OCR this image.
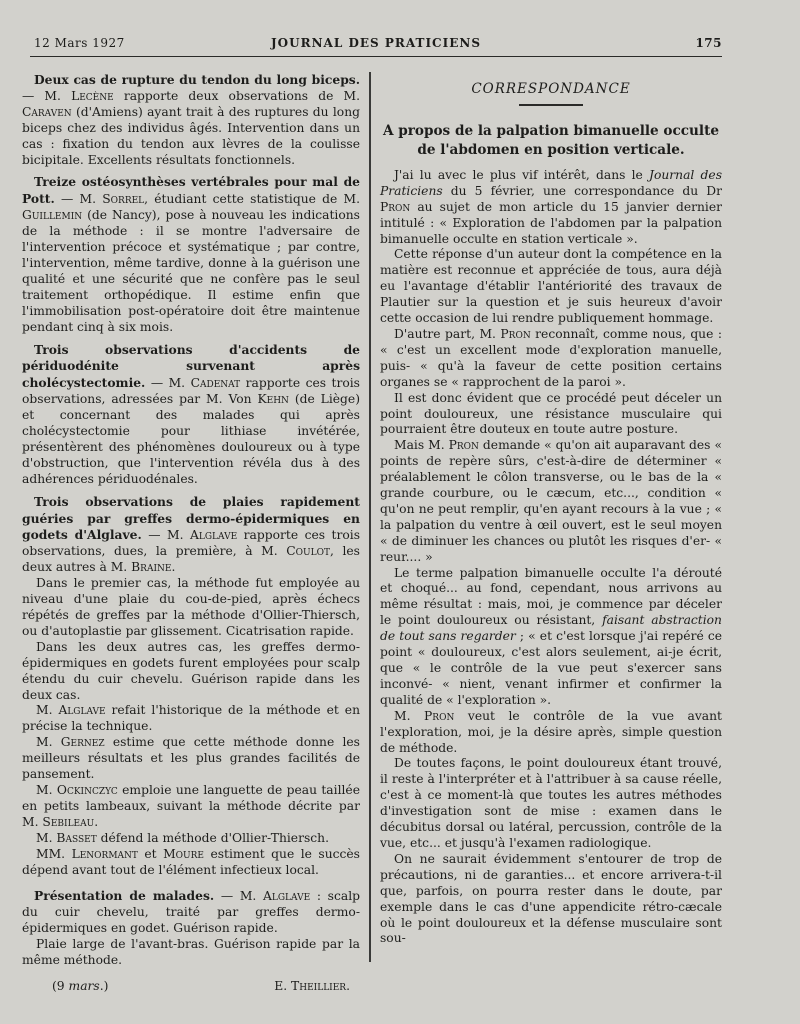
12 Mars 1927	JOURNAL DES PRATICIENS	175

Deux cas de rupture du tendon du long biceps.— M. Lecène rapporte deux observations de M. Caraven (d'Amiens) ayant trait à des ruptures du long biceps chez des individus âgés. Intervention dans un cas : fixation du tendon aux lèvres de la coulisse bicipitale. Excellents résultats fonctionnels.

Treize ostéosynthèses vertébrales pour mal de Pott. — M. Sorrel, étudiant cette statistique de M. Guillemin (de Nancy), pose à nouveau les indications de la méthode : il se montre l'adversaire de l'intervention précoce et systématique ; par contre, l'intervention, même tardive, donne à la guérison une qualité et une sécurité que ne confère pas le seul traitement orthopédique. Il estime enfin que l'immobilisation post-opératoire doit être maintenue pendant cinq à six mois.

Trois observations d'accidents de périduodénite survenant après cholécystectomie. — M. Cadenat rapporte ces trois observations, adressées par M. Von Kehn (de Liège) et concernant des malades qui après cholécystectomie pour lithiase invétérée, présentèrent des phénomènes douloureux ou à type d'obstruction, que l'intervention révéla dus à des adhérences périduodénales.

Trois observations de plaies rapidement guéries par greffes dermo-épidermiques en godets d'Alglave. — M. Alglave rapporte ces trois observations, dues, la première, à M. Coulot, les deux autres à M. Braine.

Dans le premier cas, la méthode fut employée au niveau d'une plaie du cou-de-pied, après échecs répétés de greffes par la méthode d'Ollier-Thiersch, ou d'autoplastie par glissement. Cicatrisation rapide.

Dans les deux autres cas, les greffes dermo-épidermiques en godets furent employées pour scalp étendu du cuir chevelu. Guérison rapide dans les deux cas.

M. Alglave refait l'historique de la méthode et en précise la technique.

M. Gernez estime que cette méthode donne les meilleurs résultats et les plus grandes facilités de pansement.

M. Ockinczyc emploie une languette de peau taillée en petits lambeaux, suivant la méthode décrite par M. Sebileau.

M. Basset défend la méthode d'Ollier-Thiersch.

MM. Lenormant et Moure estiment que le succès dépend avant tout de l'élément infectieux local.

Présentation de malades. — M. Alglave : scalp du cuir chevelu, traité par greffes dermo-épidermiques en godet. Guérison rapide.

Plaie large de l'avant-bras. Guérison rapide par la même méthode.

(9 mars.)	E. Theillier.
CORRESPONDANCE
A propos de la palpation bimanuelle occulte
de l'abdomen en position verticale.

J'ai lu avec le plus vif intérêt, dans le Journal des Praticiens du 5 février, une correspondance du Dr Pron au sujet de mon article du 15 janvier dernier intitulé : « Exploration de l'abdomen par la palpation bimanuelle occulte en station verticale ».

Cette réponse d'un auteur dont la compétence en la matière est reconnue et appréciée de tous, aura déjà eu l'avantage d'établir l'antériorité des travaux de Plautier sur la question et je suis heureux d'avoir cette occasion de lui rendre publiquement hommage.

D'autre part, M. Pron reconnaît, comme nous, que : « c'est un excellent mode d'exploration manuelle, puis- « qu'à la faveur de cette position certains organes se « rapprochent de la paroi ».

Il est donc évident que ce procédé peut déceler un point douloureux, une résistance musculaire qui pourraient être douteux en toute autre posture.

Mais M. Pron demande « qu'on ait auparavant des « points de repère sûrs, c'est-à-dire de déterminer « préalablement le côlon transverse, ou le bas de la « grande courbure, ou le cæcum, etc..., condition « qu'on ne peut remplir, qu'en ayant recours à la vue ; « la palpation du ventre à œil ouvert, est le seul moyen « de diminuer les chances ou plutôt les risques d'er- « reur.... »

Le terme palpation bimanuelle occulte l'a dérouté et choqué... au fond, cependant, nous arrivons au même résultat : mais, moi, je commence par déceler le point douloureux ou résistant, faisant abstraction de tout sans regarder ; « et c'est lorsque j'ai repéré ce point « douloureux, c'est alors seulement, ai-je écrit, que « le contrôle de la vue peut s'exercer sans inconvé- « nient, venant infirmer et confirmer la qualité de « l'exploration ».

M. Pron veut le contrôle de la vue avant l'exploration, moi, je la désire après, simple question de méthode.

De toutes façons, le point douloureux étant trouvé, il reste à l'interpréter et à l'attribuer à sa cause réelle, c'est à ce moment-là que toutes les autres méthodes d'investigation sont de mise : examen dans le décubitus dorsal ou latéral, percussion, contrôle de la vue, etc... et jusqu'à l'examen radiologique.

On ne saurait évidemment s'entourer de trop de précautions, ni de garanties... et encore arrivera-t-il que, parfois, on pourra rester dans le doute, par exemple dans le cas d'une appendicite rétro-cæcale où le point douloureux et la défense musculaire sont sou-
